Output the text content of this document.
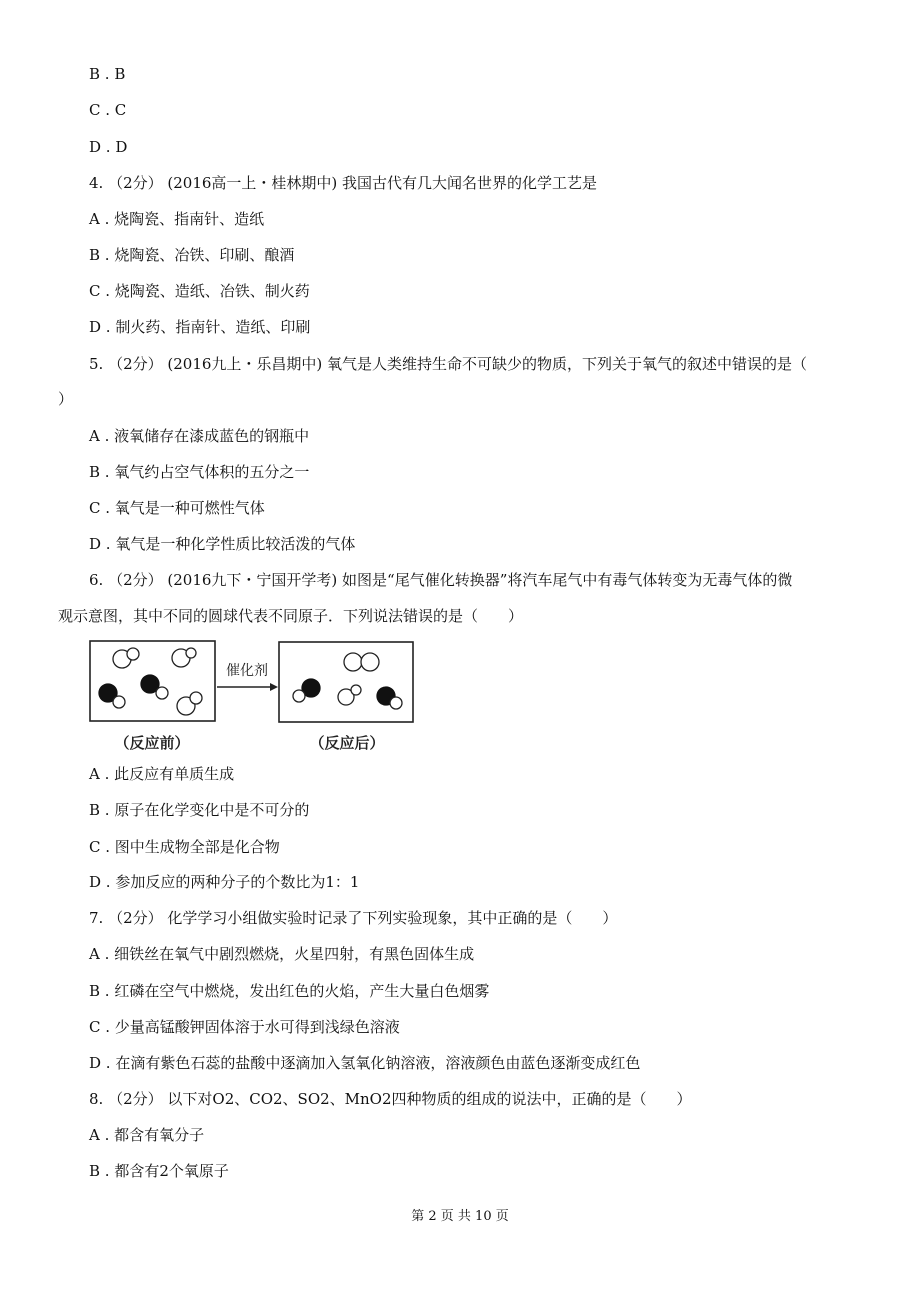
B . B
C . C
D . D
4. （2分） (2016高一上・桂林期中) 我国古代有几大闻名世界的化学工艺是
A . 烧陶瓷、指南针、造纸
B . 烧陶瓷、冶铁、印刷、酿酒
C . 烧陶瓷、造纸、冶铁、制火药
D . 制火药、指南针、造纸、印刷
5. （2分） (2016九上・乐昌期中) 氧气是人类维持生命不可缺少的物质，下列关于氧气的叙述中错误的是（
）
A . 液氧储存在漆成蓝色的钢瓶中
B . 氧气约占空气体积的五分之一
C . 氧气是一种可燃性气体
D . 氧气是一种化学性质比较活泼的气体
6. （2分） (2016九下・宁国开学考) 如图是“尾气催化转换器”将汽车尾气中有毒气体转变为无毒气体的微
观示意图，其中不同的圆球代表不同原子．下列说法错误的是（　　）
催化剂
（反应前）	（反应后）
A . 此反应有单质生成
B . 原子在化学变化中是不可分的
C . 图中生成物全部是化合物
D . 参加反应的两种分子的个数比为1：1
7. （2分） 化学学习小组做实验时记录了下列实验现象，其中正确的是（　　）
A . 细铁丝在氧气中剧烈燃烧，火星四射，有黑色固体生成
B . 红磷在空气中燃烧，发出红色的火焰，产生大量白色烟雾
C . 少量高锰酸钾固体溶于水可得到浅绿色溶液
D . 在滴有紫色石蕊的盐酸中逐滴加入氢氧化钠溶液，溶液颜色由蓝色逐渐变成红色
8. （2分） 以下对O2、CO2、SO2、MnO2四种物质的组成的说法中，正确的是（　　）
A . 都含有氧分子
B . 都含有2个氧原子
第 2 页 共 10 页
